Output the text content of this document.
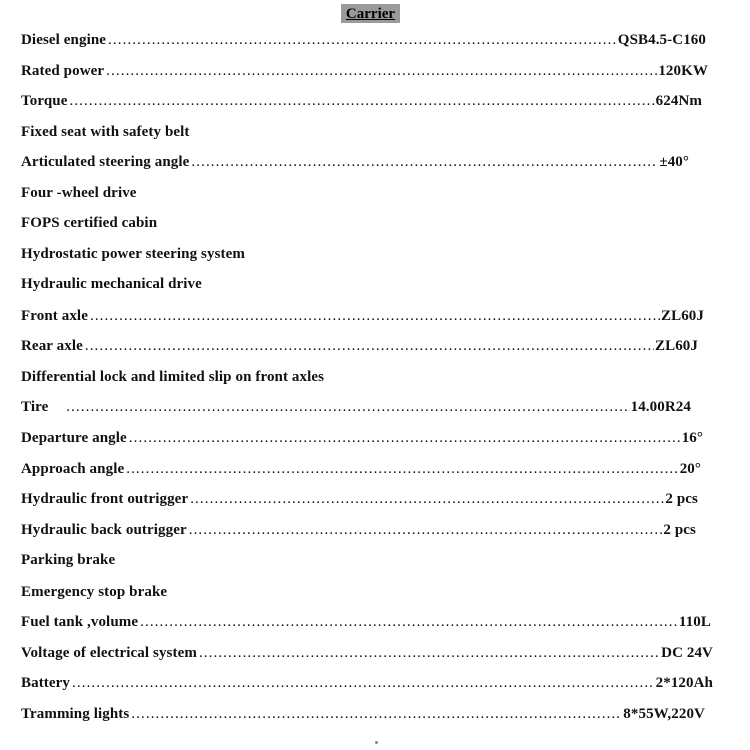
Carrier
Diesel engine .....	QSB4.5-C160
Rated power .....	120KW
Torque .....	624Nm
Fixed seat with safety belt
Articulated steering angle .....	±40°
Four -wheel drive
FOPS certified cabin
Hydrostatic power steering system
Hydraulic mechanical drive
Front axle .....	ZL60J
Rear axle .....	ZL60J
Differential lock and limited slip on front axles
Tire .....	14.00R24
Departure angle .....	16°
Approach angle .....	20°
Hydraulic front outrigger .....	2 pcs
Hydraulic back outrigger .....	2 pcs
Parking brake
Emergency stop brake
Fuel tank ,volume .....	110L
Voltage of electrical system .....	DC 24V
Battery .....	2*120Ah
Tramming lights .....	8*55W,220V
